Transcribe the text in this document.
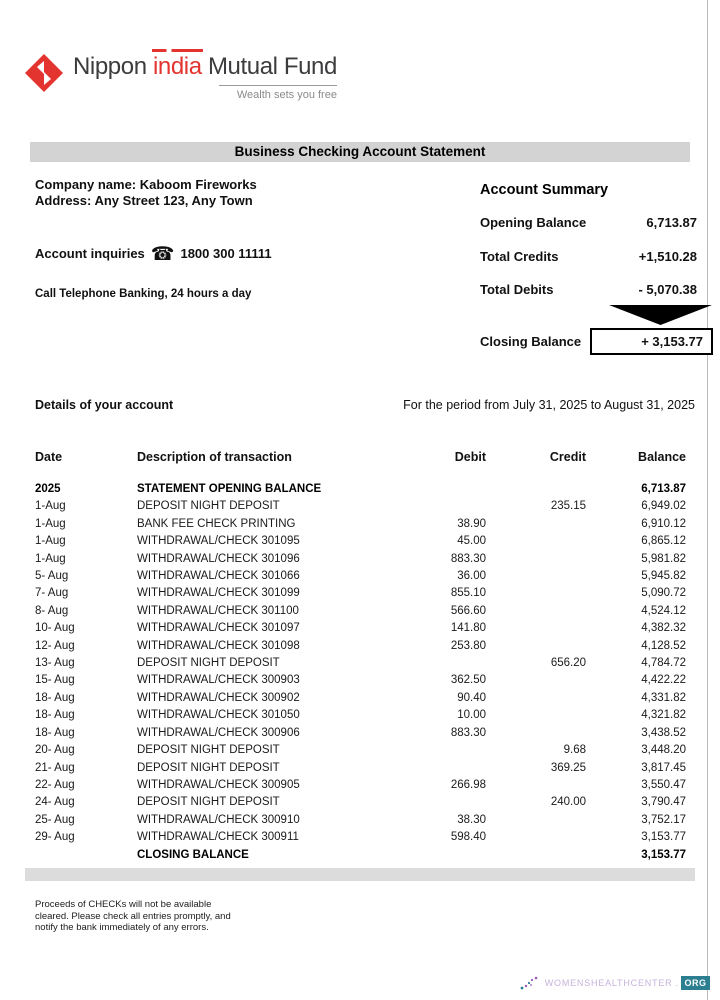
Nippon india Mutual Fund
Wealth sets you free
Business Checking Account Statement
Company name: Kaboom Fireworks
Address: Any Street 123, Any Town
Account inquiries ☎ 1800 300 11111
Call Telephone Banking, 24 hours a day
Account Summary
Opening Balance	6,713.87
Total Credits	+1,510.28
Total Debits	- 5,070.38
Closing Balance	+ 3,153.77
Details of your account	For the period from July 31, 2025 to August 31, 2025
Date	Description of transaction	Debit	Credit	Balance
2025	STATEMENT OPENING BALANCE			6,713.87
1-Aug	DEPOSIT NIGHT DEPOSIT		235.15	6,949.02
1-Aug	BANK FEE CHECK PRINTING	38.90		6,910.12
1-Aug	WITHDRAWAL/CHECK 301095	45.00		6,865.12
1-Aug	WITHDRAWAL/CHECK 301096	883.30		5,981.82
5- Aug	WITHDRAWAL/CHECK 301066	36.00		5,945.82
7- Aug	WITHDRAWAL/CHECK 301099	855.10		5,090.72
8- Aug	WITHDRAWAL/CHECK 301100	566.60		4,524.12
10- Aug	WITHDRAWAL/CHECK 301097	141.80		4,382.32
12- Aug	WITHDRAWAL/CHECK 301098	253.80		4,128.52
13- Aug	DEPOSIT NIGHT DEPOSIT		656.20	4,784.72
15- Aug	WITHDRAWAL/CHECK 300903	362.50		4,422.22
18- Aug	WITHDRAWAL/CHECK 300902	90.40		4,331.82
18- Aug	WITHDRAWAL/CHECK 301050	10.00		4,321.82
18- Aug	WITHDRAWAL/CHECK 300906	883.30		3,438.52
20- Aug	DEPOSIT NIGHT DEPOSIT		9.68	3,448.20
21- Aug	DEPOSIT NIGHT DEPOSIT		369.25	3,817.45
22- Aug	WITHDRAWAL/CHECK 300905	266.98		3,550.47
24- Aug	DEPOSIT NIGHT DEPOSIT		240.00	3,790.47
25- Aug	WITHDRAWAL/CHECK 300910	38.30		3,752.17
29- Aug	WITHDRAWAL/CHECK 300911	598.40		3,153.77
	CLOSING BALANCE			3,153.77
Proceeds of CHECKs will not be available
cleared. Please check all entries promptly, and
notify the bank immediately of any errors.
WOMENSHEALTHCENTER . ORG
